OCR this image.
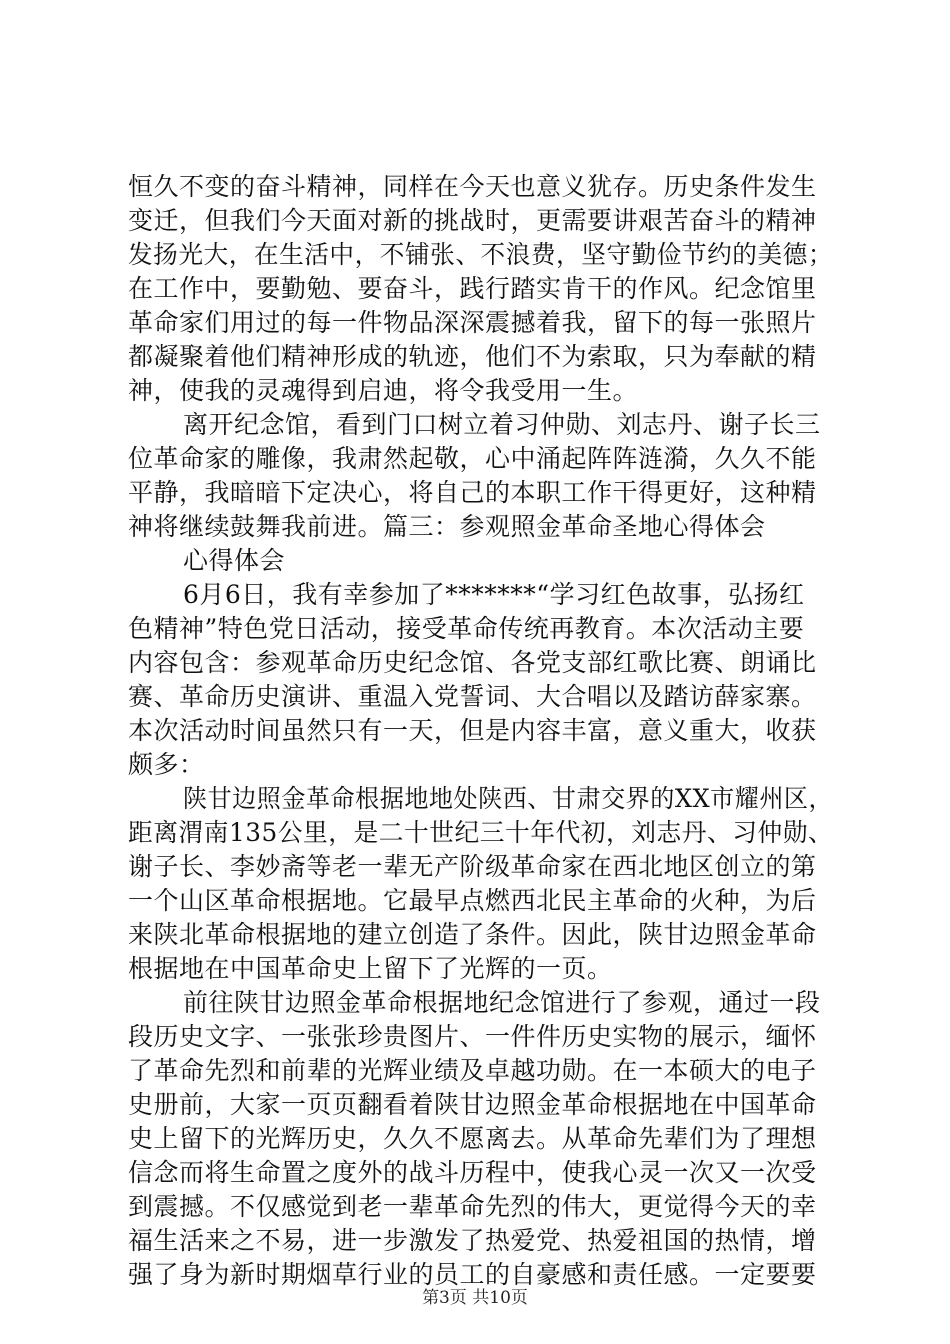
恒久不变的奋斗精神，同样在今天也意义犹存。历史条件发生
变迁，但我们今天面对新的挑战时，更需要讲艰苦奋斗的精神
发扬光大，在生活中，不铺张、不浪费，坚守勤俭节约的美德；
在工作中，要勤勉、要奋斗，践行踏实肯干的作风。纪念馆里
革命家们用过的每一件物品深深震撼着我，留下的每一张照片
都凝聚着他们精神形成的轨迹，他们不为索取，只为奉献的精
神，使我的灵魂得到启迪，将令我受用一生。
离开纪念馆，看到门口树立着习仲勋、刘志丹、谢子长三
位革命家的雕像，我肃然起敬，心中涌起阵阵涟漪，久久不能
平静，我暗暗下定决心，将自己的本职工作干得更好，这种精
神将继续鼓舞我前进。篇三：参观照金革命圣地心得体会
心得体会
6月6日，我有幸参加了*******“学习红色故事，弘扬红
色精神”特色党日活动，接受革命传统再教育。本次活动主要
内容包含：参观革命历史纪念馆、各党支部红歌比赛、朗诵比
赛、革命历史演讲、重温入党誓词、大合唱以及踏访薛家寨。
本次活动时间虽然只有一天，但是内容丰富，意义重大，收获
颇多：
陕甘边照金革命根据地地处陕西、甘肃交界的XX市耀州区，
距离渭南135公里，是二十世纪三十年代初，刘志丹、习仲勋、
谢子长、李妙斋等老一辈无产阶级革命家在西北地区创立的第
一个山区革命根据地。它最早点燃西北民主革命的火种，为后
来陕北革命根据地的建立创造了条件。因此，陕甘边照金革命
根据地在中国革命史上留下了光辉的一页。
前往陕甘边照金革命根据地纪念馆进行了参观，通过一段
段历史文字、一张张珍贵图片、一件件历史实物的展示，缅怀
了革命先烈和前辈的光辉业绩及卓越功勋。在一本硕大的电子
史册前，大家一页页翻看着陕甘边照金革命根据地在中国革命
史上留下的光辉历史，久久不愿离去。从革命先辈们为了理想
信念而将生命置之度外的战斗历程中，使我心灵一次又一次受
到震撼。不仅感觉到老一辈革命先烈的伟大，更觉得今天的幸
福生活来之不易，进一步激发了热爱党、热爱祖国的热情，增
强了身为新时期烟草行业的员工的自豪感和责任感。一定要要
第3页 共10页
